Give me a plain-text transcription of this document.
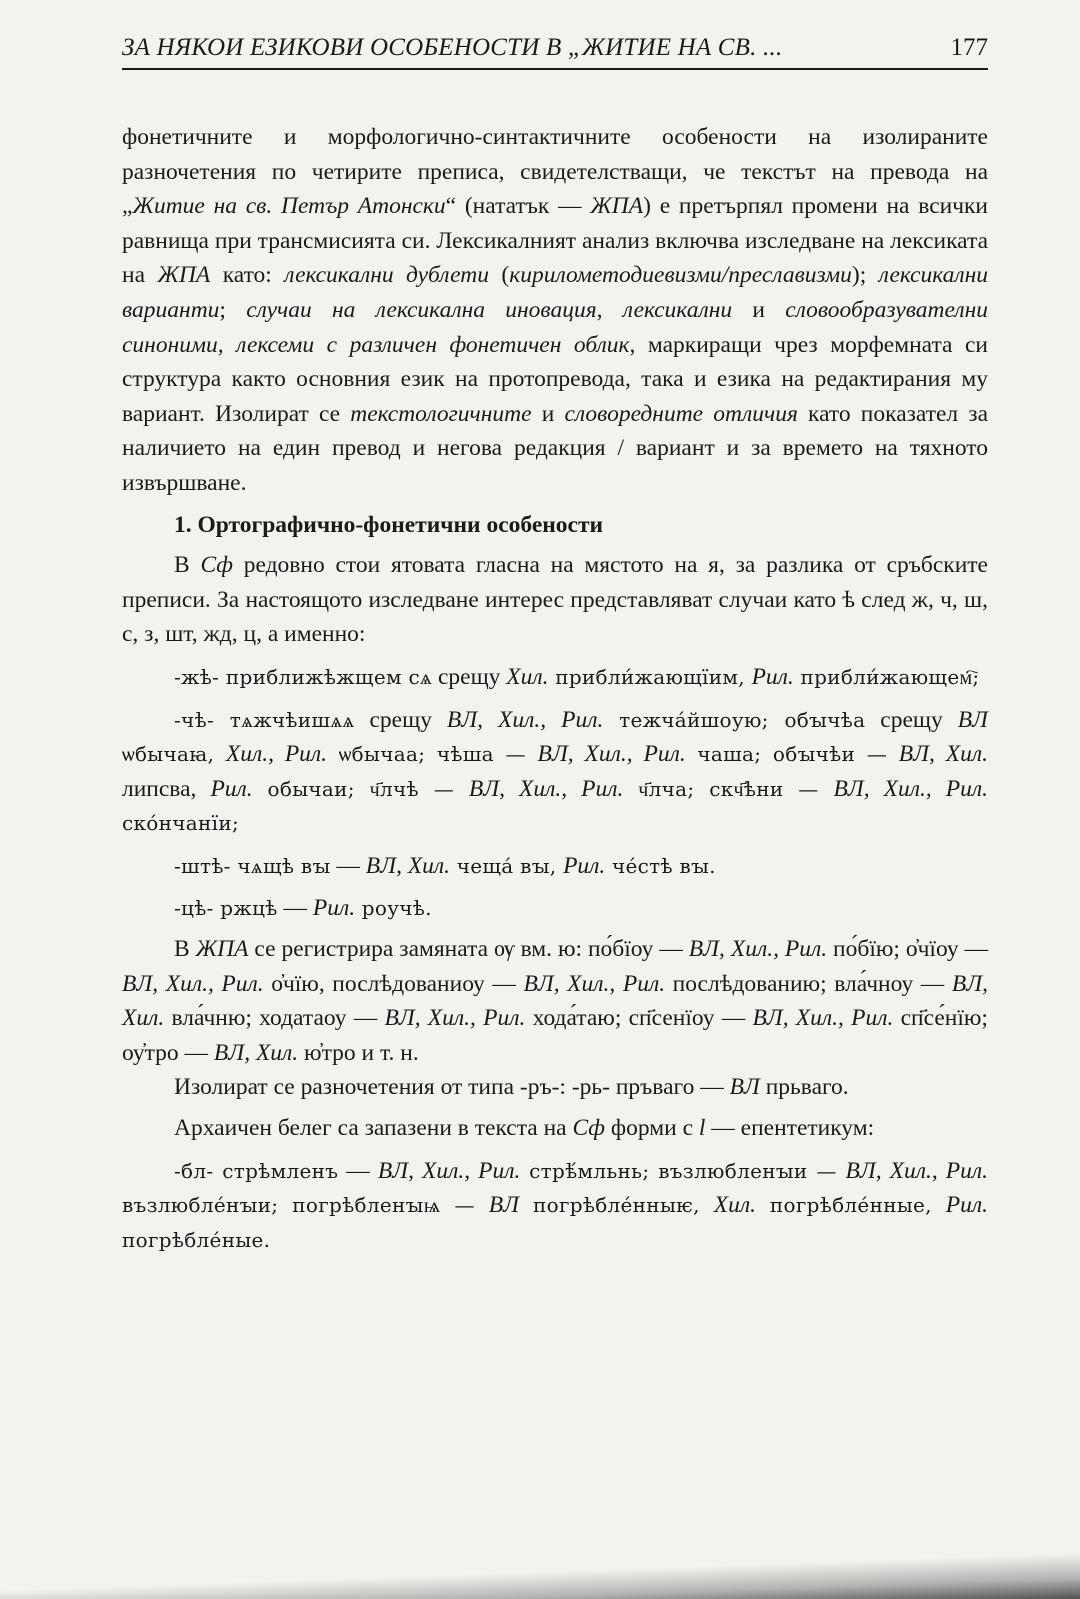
ЗА НЯКОИ ЕЗИКОВИ ОСОБЕНОСТИ В „ЖИТИЕ НА СВ. ...	177

фонетичните и морфологично-синтактичните особености на изолираните разночетения по четирите преписа, свидетелстващи, че текстът на превода на „Житие на св. Петър Атонски“ (нататък — ЖПА) е претърпял промени на всички равнища при трансмисията си. Лексикалният анализ включва изследване на лексиката на ЖПА като: лексикални дублети (кирилометодиевизми/преславизми); лексикални варианти; случаи на лексикална иновация, лексикални и словообразувателни синоними, лексеми с различен фонетичен облик, маркиращи чрез морфемната си структура както основния език на протопревода, така и езика на редактирания му вариант. Изолират се текстологичните и словоредните отличия като показател за наличието на един превод и негова редакция / вариант и за времето на тяхното извършване.

1. Ортографично-фонетични особености

В Сф редовно стои ятовата гласна на мястото на я, за разлика от сръбските преписи. За настоящото изследване интерес представляват случаи като ѣ след ж, ч, ш, с, з, шт, жд, ц, а именно:

-жѣ- приближѣжщем сѧ срещу Хил. прибли́жающїим, Рил. прибли́жающем҇;

-чѣ- тѧжчѣишѧѧ срещу ВЛ, Хил., Рил. тежча́йшоую; обꙑчѣа срещу ВЛ ѡбычаꙗ, Хил., Рил. ѡбычаа; чѣша — ВЛ, Хил., Рил. чаша; обꙑчѣи — ВЛ, Хил. липсва, Рил. обычаи; ч҃лчѣ — ВЛ, Хил., Рил. ч҃лча; скч҃ѣни — ВЛ, Хил., Рил. ско́нчанїи;

-штѣ- чѧщѣ вꙑ — ВЛ, Хил. чеща́ вꙑ, Рил. че́стѣ вꙑ.

-цѣ- ржцѣ — Рил. роучѣ.

В ЖПА се регистрира замяната ѹ вм. ю: по́бїоу — ВЛ, Хил., Рил. по́бїю; о҆чїоу — ВЛ, Хил., Рил. о҆чїю, послѣдованиоу — ВЛ, Хил., Рил. послѣдованию; вла́чноу — ВЛ, Хил. вла́чню; ходатаоу — ВЛ, Хил., Рил. хода́таю; сп҃сенїоу — ВЛ, Хил., Рил. сп҃се́нїю; оу҆тро — ВЛ, Хил. ю҆тро и т. н.

Изолират се разночетения от типа -ръ-: -рь- пръваго — ВЛ прьваго.

Архаичен белег са запазени в текста на Сф форми с l — епентетикум:

-бл- стрѣмленъ — ВЛ, Хил., Рил. стрѣ́мльнь; възлюбленꙑи — ВЛ, Хил., Рил. възлюбле́нꙑи; погрѣбленꙑѩ — ВЛ погрѣбле́нныѥ, Хил. погрѣбле́нные, Рил. погрѣбле́ные.
